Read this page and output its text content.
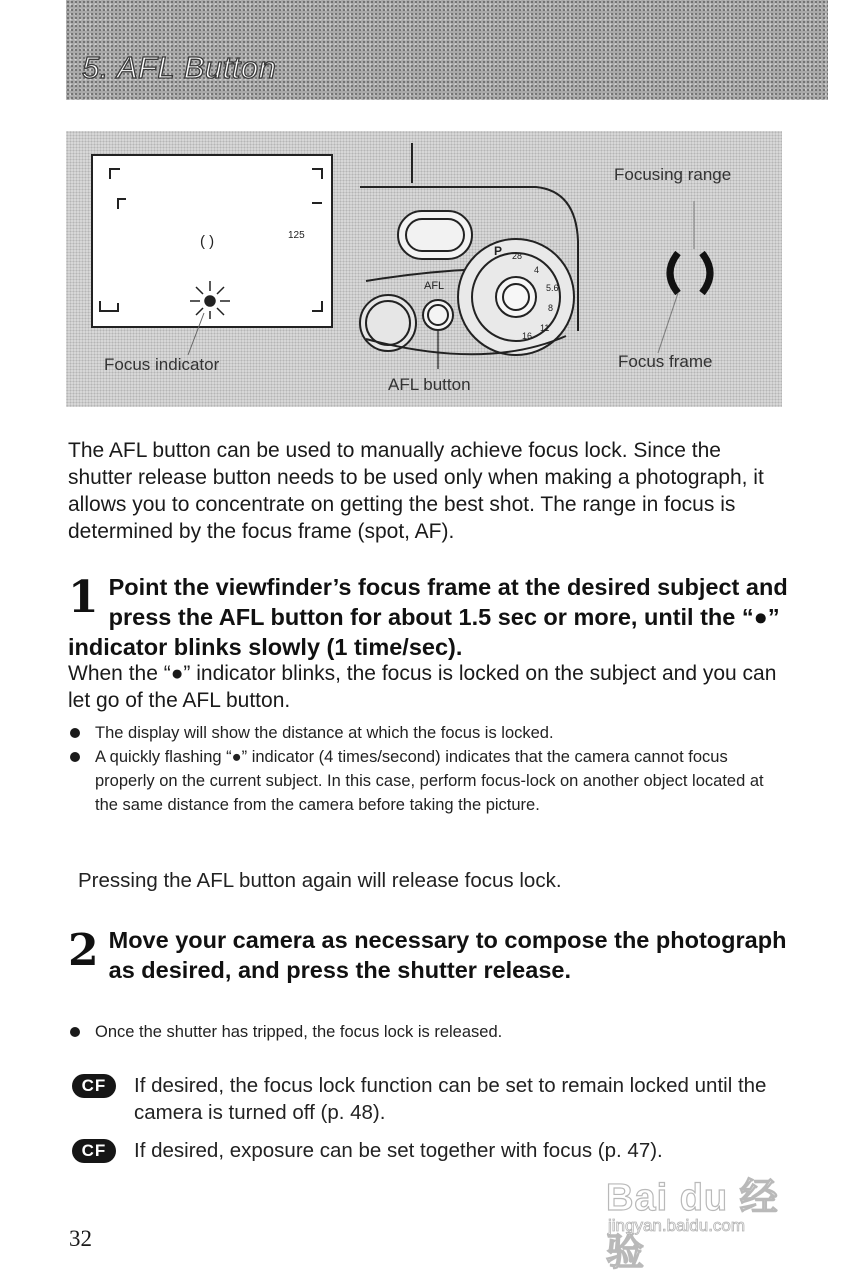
5. AFL Button
( )	125
AFL
P 28
4
5.6
8
11
16
Focus indicator
AFL button
Focusing range
Focus frame
The AFL button can be used to manually achieve focus lock. Since the shutter release button needs to be used only when making a photograph, it allows you to concentrate on getting the best shot. The range in focus is determined by the focus frame (spot, AF).
1 Point the viewfinder’s focus frame at the desired subject and press the AFL button for about 1.5 sec or more, until the “●” indicator blinks slowly (1 time/sec).
When the “●” indicator blinks, the focus is locked on the subject and you can let go of the AFL button.
The display will show the distance at which the focus is locked.
A quickly flashing “●” indicator (4 times/second) indicates that the camera cannot focus properly on the current subject. In this case, perform focus-lock on another object located at the same distance from the camera before taking the picture.
Pressing the AFL button again will release focus lock.
2 Move your camera as necessary to compose the photograph as desired, and press the shutter release.
Once the shutter has tripped, the focus lock is released.
CF	If desired, the focus lock function can be set to remain locked until the camera is turned off (p. 48).
CF	If desired, exposure can be set together with focus (p. 47).
32
Bai du 经验
jingyan.baidu.com
